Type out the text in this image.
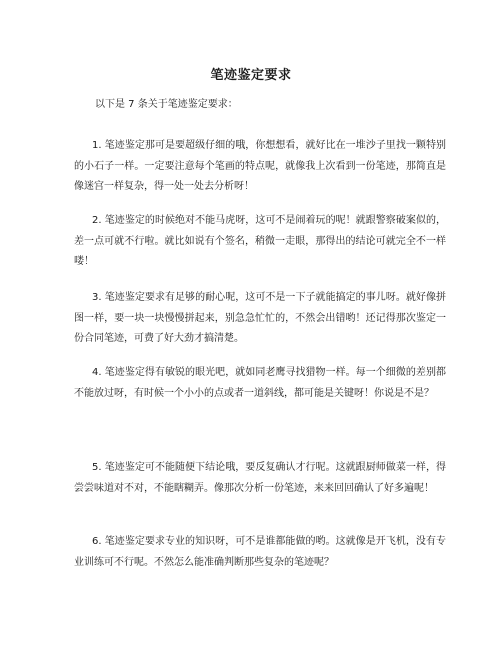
笔迹鉴定要求
以下是 7 条关于笔迹鉴定要求：
1. 笔迹鉴定那可是要超级仔细的哦，你想想看，就好比在一堆沙子里找一颗特别的小石子一样。一定要注意每个笔画的特点呢，就像我上次看到一份笔迹，那简直是像迷宫一样复杂，得一处一处去分析呀！
2. 笔迹鉴定的时候绝对不能马虎呀，这可不是闹着玩的呢！就跟警察破案似的，差一点可就不行啦。就比如说有个签名，稍微一走眼，那得出的结论可就完全不一样喽！
3. 笔迹鉴定要求有足够的耐心呢，这可不是一下子就能搞定的事儿呀。就好像拼图一样，要一块一块慢慢拼起来，别急急忙忙的，不然会出错哟！还记得那次鉴定一份合同笔迹，可费了好大劲才搞清楚。
4. 笔迹鉴定得有敏锐的眼光吧，就如同老鹰寻找猎物一样。每一个细微的差别都不能放过呀，有时候一个小小的点或者一道斜线，都可能是关键呀！你说是不是？
5. 笔迹鉴定可不能随便下结论哦，要反复确认才行呢。这就跟厨师做菜一样，得尝尝味道对不对，不能瞎糊弄。像那次分析一份笔迹，来来回回确认了好多遍呢！
6. 笔迹鉴定要求专业的知识呀，可不是谁都能做的哟。这就像是开飞机，没有专业训练可不行呢。不然怎么能准确判断那些复杂的笔迹呢？
